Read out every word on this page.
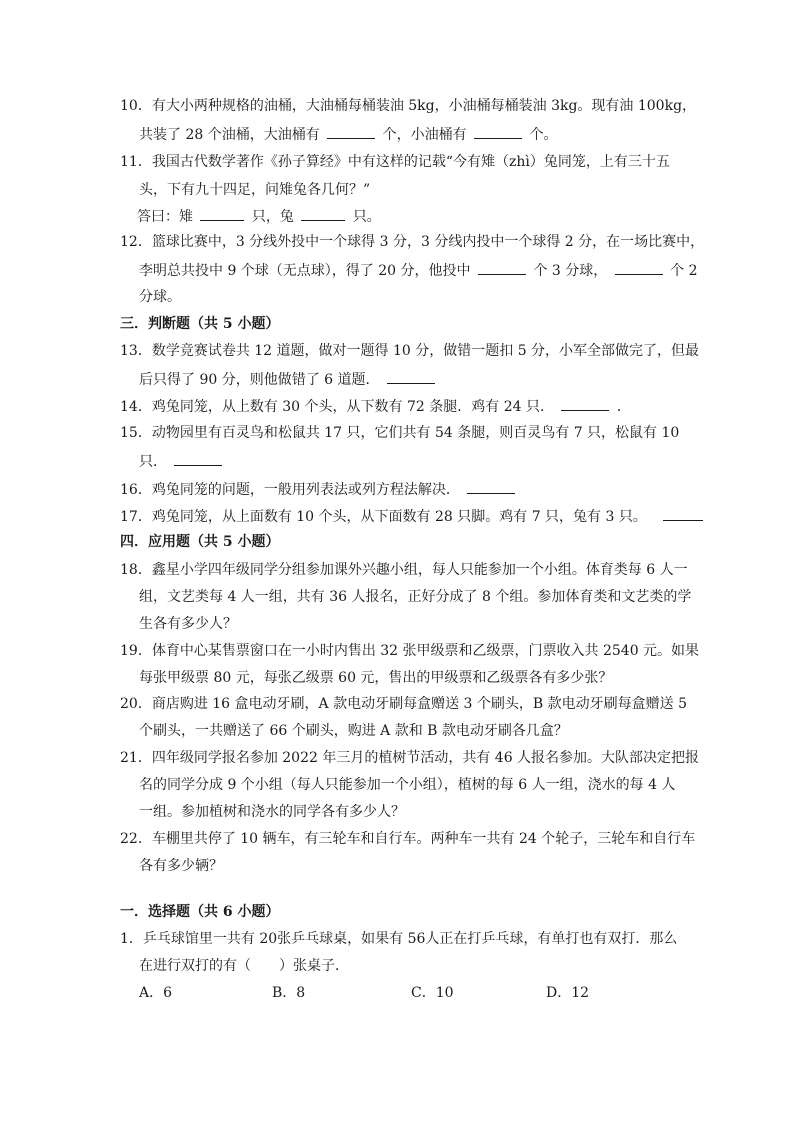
10．有大小两种规格的油桶，大油桶每桶装油 5kg，小油桶每桶装油 3kg。现有油 100kg，
共装了 28 个油桶，大油桶有	个，小油桶有	个。
11．我国古代数学著作《孙子算经》中有这样的记载“今有雉（zhì）兔同笼，上有三十五
头，下有九十四足，问雉兔各几何？”
答曰：雉	只，兔	只。
12．篮球比赛中，3 分线外投中一个球得 3 分，3 分线内投中一个球得 2 分，在一场比赛中，
李明总共投中 9 个球（无点球），得了 20 分，他投中	个 3 分球，	个 2
分球。
三．判断题（共 5 小题）
13．数学竞赛试卷共 12 道题，做对一题得 10 分，做错一题扣 5 分，小军全部做完了，但最
后只得了 90 分，则他做错了 6 道题．
14．鸡兔同笼，从上数有 30 个头，从下数有 72 条腿．鸡有 24 只．	．
15．动物园里有百灵鸟和松鼠共 17 只，它们共有 54 条腿，则百灵鸟有 7 只，松鼠有 10
只．
16．鸡兔同笼的问题，一般用列表法或列方程法解决．
17．鸡兔同笼，从上面数有 10 个头，从下面数有 28 只脚。鸡有 7 只，兔有 3 只。
四．应用题（共 5 小题）
18．鑫星小学四年级同学分组参加课外兴趣小组，每人只能参加一个小组。体育类每 6 人一
组，文艺类每 4 人一组，共有 36 人报名，正好分成了 8 个组。参加体育类和文艺类的学
生各有多少人？
19．体育中心某售票窗口在一小时内售出 32 张甲级票和乙级票，门票收入共 2540 元。如果
每张甲级票 80 元，每张乙级票 60 元，售出的甲级票和乙级票各有多少张？
20．商店购进 16 盒电动牙刷，A 款电动牙刷每盒赠送 3 个刷头，B 款电动牙刷每盒赠送 5
个刷头，一共赠送了 66 个刷头，购进 A 款和 B 款电动牙刷各几盒？
21．四年级同学报名参加 2022 年三月的植树节活动，共有 46 人报名参加。大队部决定把报
名的同学分成 9 个小组（每人只能参加一个小组），植树的每 6 人一组，浇水的每 4 人
一组。参加植树和浇水的同学各有多少人？
22．车棚里共停了 10 辆车，有三轮车和自行车。两种车一共有 24 个轮子，三轮车和自行车
各有多少辆？
一．选择题（共 6 小题）
1．乒乓球馆里一共有 20张乒乓球桌，如果有 56人正在打乒乓球，有单打也有双打．那么
在进行双打的有（　　）张桌子．
A．6	B．8	C．10	D．12
